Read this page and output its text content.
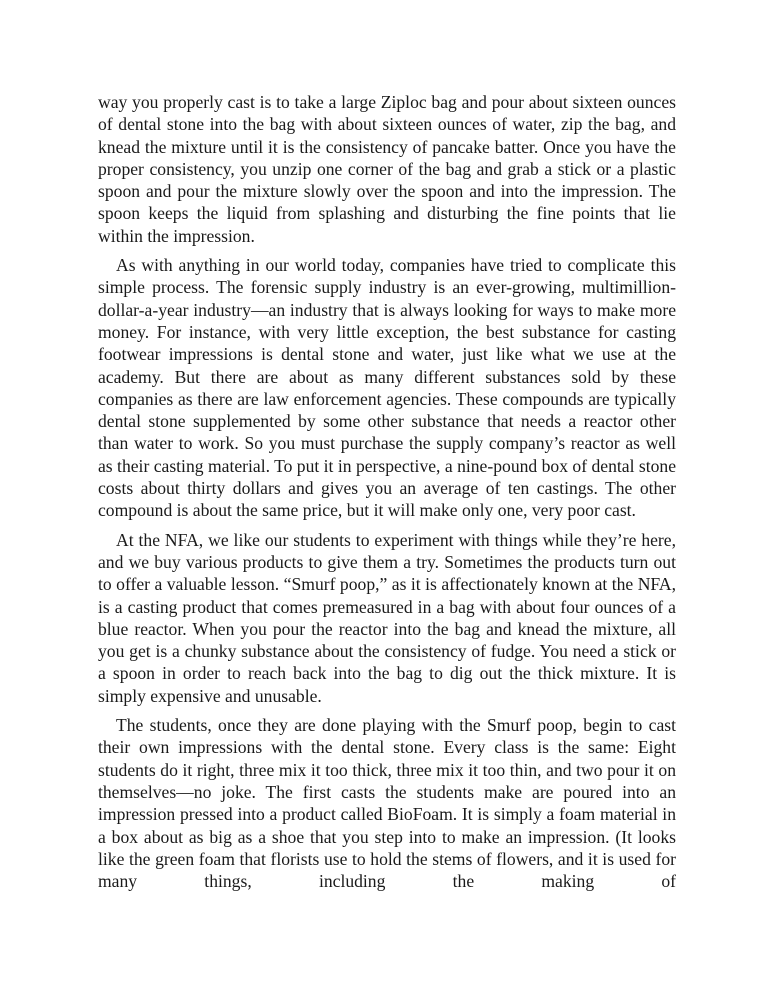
way you properly cast is to take a large Ziploc bag and pour about sixteen ounces of dental stone into the bag with about sixteen ounces of water, zip the bag, and knead the mixture until it is the consistency of pancake batter. Once you have the proper consistency, you unzip one corner of the bag and grab a stick or a plastic spoon and pour the mixture slowly over the spoon and into the impression. The spoon keeps the liquid from splashing and disturbing the fine points that lie within the impression.

As with anything in our world today, companies have tried to complicate this simple process. The forensic supply industry is an ever-growing, multimillion-dollar-a-year industry—an industry that is always looking for ways to make more money. For instance, with very little exception, the best substance for casting footwear impressions is dental stone and water, just like what we use at the academy. But there are about as many different substances sold by these companies as there are law enforcement agencies. These compounds are typically dental stone supplemented by some other substance that needs a reactor other than water to work. So you must purchase the supply company’s reactor as well as their casting material. To put it in perspective, a nine-pound box of dental stone costs about thirty dollars and gives you an average of ten castings. The other compound is about the same price, but it will make only one, very poor cast.

At the NFA, we like our students to experiment with things while they’re here, and we buy various products to give them a try. Sometimes the products turn out to offer a valuable lesson. “Smurf poop,” as it is affectionately known at the NFA, is a casting product that comes premeasured in a bag with about four ounces of a blue reactor. When you pour the reactor into the bag and knead the mixture, all you get is a chunky substance about the consistency of fudge. You need a stick or a spoon in order to reach back into the bag to dig out the thick mixture. It is simply expensive and unusable.

The students, once they are done playing with the Smurf poop, begin to cast their own impressions with the dental stone. Every class is the same: Eight students do it right, three mix it too thick, three mix it too thin, and two pour it on themselves—no joke. The first casts the students make are poured into an impression pressed into a product called BioFoam. It is simply a foam material in a box about as big as a shoe that you step into to make an impression. (It looks like the green foam that florists use to hold the stems of flowers, and it is used for many things, including the making of
